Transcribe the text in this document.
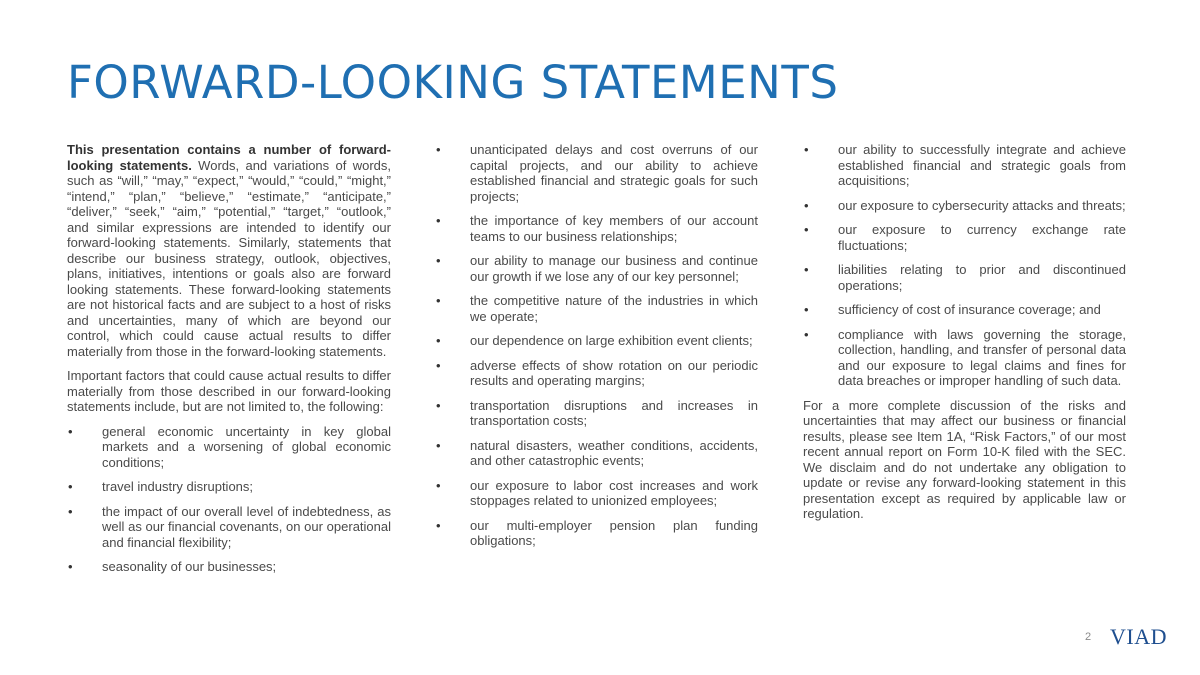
FORWARD-LOOKING STATEMENTS

This presentation contains a number of forward-looking statements. Words, and variations of words, such as “will,” “may,” “expect,” “would,” “could,” “might,” “intend,” “plan,” “believe,” “estimate,” “anticipate,” “deliver,” “seek,” “aim,” “potential,” “target,” “outlook,” and similar expressions are intended to identify our forward-looking statements. Similarly, statements that describe our business strategy, outlook, objectives, plans, initiatives, intentions or goals also are forward looking statements. These forward-looking statements are not historical facts and are subject to a host of risks and uncertainties, many of which are beyond our control, which could cause actual results to differ materially from those in the forward-looking statements.

Important factors that could cause actual results to differ materially from those described in our forward-looking statements include, but are not limited to, the following:

• general economic uncertainty in key global markets and a worsening of global economic conditions;
• travel industry disruptions;
• the impact of our overall level of indebtedness, as well as our financial covenants, on our operational and financial flexibility;
• seasonality of our businesses;
• unanticipated delays and cost overruns of our capital projects, and our ability to achieve established financial and strategic goals for such projects;
• the importance of key members of our account teams to our business relationships;
• our ability to manage our business and continue our growth if we lose any of our key personnel;
• the competitive nature of the industries in which we operate;
• our dependence on large exhibition event clients;
• adverse effects of show rotation on our periodic results and operating margins;
• transportation disruptions and increases in transportation costs;
• natural disasters, weather conditions, accidents, and other catastrophic events;
• our exposure to labor cost increases and work stoppages related to unionized employees;
• our multi-employer pension plan funding obligations;
• our ability to successfully integrate and achieve established financial and strategic goals from acquisitions;
• our exposure to cybersecurity attacks and threats;
• our exposure to currency exchange rate fluctuations;
• liabilities relating to prior and discontinued operations;
• sufficiency of cost of insurance coverage; and
• compliance with laws governing the storage, collection, handling, and transfer of personal data and our exposure to legal claims and fines for data breaches or improper handling of such data.

For a more complete discussion of the risks and uncertainties that may affect our business or financial results, please see Item 1A, “Risk Factors,” of our most recent annual report on Form 10-K filed with the SEC. We disclaim and do not undertake any obligation to update or revise any forward-looking statement in this presentation except as required by applicable law or regulation.

2 VIAD
